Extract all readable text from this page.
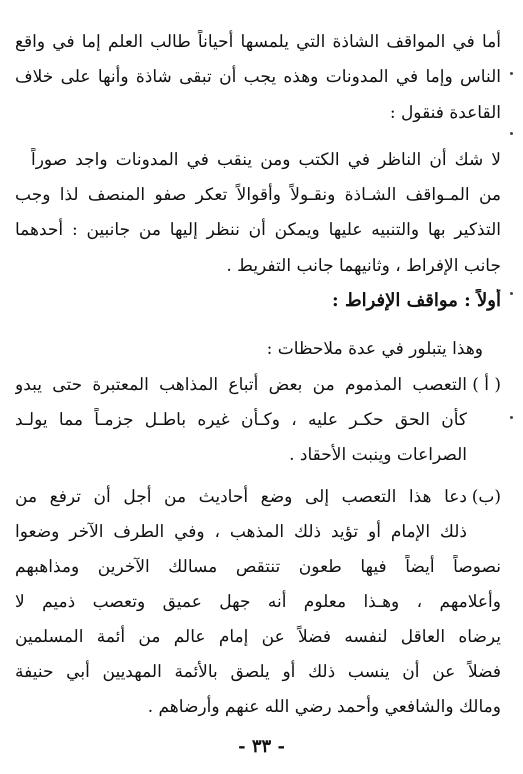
أما في المواقف الشاذة التي يلمسها أحياناً طالب العلم إما في واقع
الناس وإما في المدونات وهذه يجب أن تبقى شاذة وأنها على خلاف
القاعدة فنقول :
لا شك أن الناظر في الكتب ومن ينقب في المدونات واجد صوراً
من المـواقف الشـاذة ونقـولاً وأقوالاً تعكر صفو المنصف لذا وجب
التذكير بها والتنبيه عليها ويمكن أن ننظر إليها من جانبين : أحدهما
جانب الإفراط ، وثانيهما جانب التفريط .
أولاً : مواقف الإفراط :
وهذا يتبلور في عدة ملاحظات :
( أ )
التعصب المذموم من بعض أتباع المذاهب المعتبرة حتى يبدو
كأن الحق حكـر عليه ، وكـأن غيره باطـل جزمـاً مما يولـد
الصراعات وينبت الأحقاد .
(ب)
دعا هذا التعصب إلى وضع أحاديث من أجل أن ترفع من
ذلك الإمام أو تؤيد ذلك المذهب ، وفي الطرف الآخر وضعوا
نصوصاً أيضاً فيها طعون تنتقص مسالك الآخرين ومذاهبهم
وأعلامهم ، وهـذا معلوم أنه جهل عميق وتعصب ذميم لا
يرضاه العاقل لنفسه فضلاً عن إمام عالم من أئمة المسلمين
فضلاً عن أن ينسب ذلك أو يلصق بالأئمة المهديين أبي حنيفة
ومالك والشافعي وأحمد رضي الله عنهم وأرضاهم .
- ٣٣ -
